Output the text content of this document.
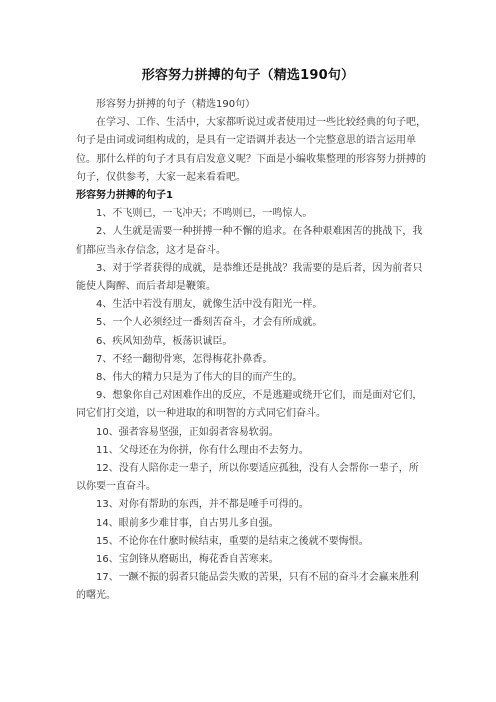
形容努力拼搏的句子（精选190句）

形容努力拼搏的句子（精选190句）

在学习、工作、生活中，大家都听说过或者使用过一些比较经典的句子吧，句子是由词或词组构成的，是具有一定语调并表达一个完整意思的语言运用单位。那什么样的句子才具有启发意义呢？下面是小编收集整理的形容努力拼搏的句子，仅供参考，大家一起来看看吧。

形容努力拼搏的句子1

1、不飞则已，一飞冲天；不鸣则已，一鸣惊人。

2、人生就是需要一种拼搏一种不懈的追求。在各种艰难困苦的挑战下，我们都应当永存信念，这才是奋斗。

3、对于学者获得的成就，是恭维还是挑战？我需要的是后者，因为前者只能使人陶醉、而后者却是鞭策。

4、生活中若没有朋友，就像生活中没有阳光一样。

5、一个人必须经过一番刻苦奋斗，才会有所成就。

6、疾风知劲草，板荡识诚臣。

7、不经一翻彻骨寒，怎得梅花扑鼻香。

8、伟大的精力只是为了伟大的目的而产生的。

9、想象你自己对困难作出的反应，不是逃避或绕开它们，而是面对它们，同它们打交道，以一种进取的和明智的方式同它们奋斗。

10、强者容易坚强，正如弱者容易软弱。

11、父母还在为你拼，你有什么理由不去努力。

12、没有人陪你走一辈子，所以你要适应孤独，没有人会帮你一辈子，所以你要一直奋斗。

13、对你有帮助的东西，并不都是唾手可得的。

14、眼前多少难甘事，自古男儿多自强。

15、不论你在什麽时候结束，重要的是结束之後就不要悔恨。

16、宝剑锋从磨砺出，梅花香自苦寒来。

17、一蹶不振的弱者只能品尝失败的苦果，只有不屈的奋斗才会赢来胜利的曙光。
